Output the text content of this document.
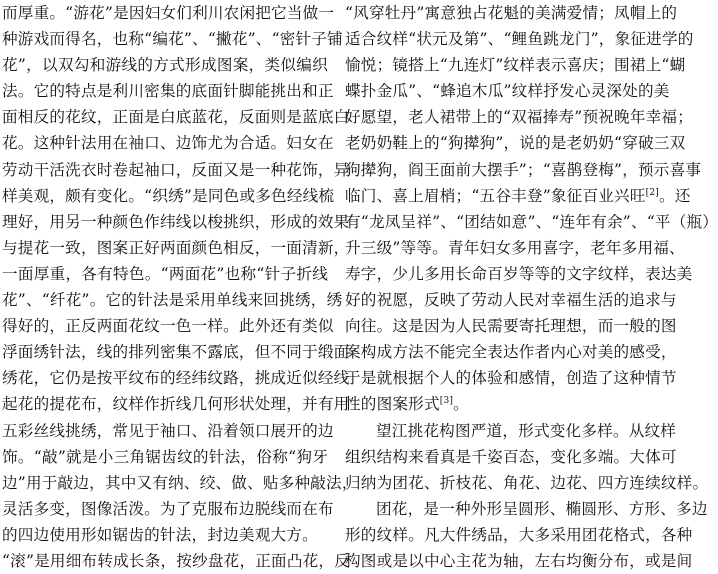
而厚重。“游花”是因妇女们利川农闲把它当做一
种游戏而得名，也称“编花”、“撇花”、“密针子铺
花”，以双勾和游线的方式形成图案，类似编织
法。它的特点是利川密集的底面针脚能挑出和正
面相反的花纹，正面是白底蓝花，反面则是蓝底白
花。这种针法用在袖口、边饰尤为合适。妇女在
劳动干活洗衣时卷起袖口，反面又是一种花饰，异
样美观，颇有变化。“织绣”是同色或多色经线梳
理好，用另一种颜色作纬线以梭挑织，形成的效果
与提花一致，图案正好两面颜色相反，一面清新，
一面厚重，各有特色。“两面花”也称“针子折线
花”、“纤花”。它的针法是采用单线来回挑绣，绣
得好的，正反两面花纹一色一样。此外还有类似
浮面绣针法，线的排列密集不露底，但不同于缎面
绣花，它仍是按平纹布的经纬纹路，挑成近似经线
起花的提花布，纹样作折线几何形状处理，并有用
五彩丝线挑绣，常见于袖口、沿着领口展开的边
饰。“敲”就是小三角锯齿纹的针法，俗称“狗牙
边”用于敲边，其中又有纳、绞、做、贴多种敲法，
灵活多变，图像活泼。为了克服布边脱线而在布
的四边使用形如锯齿的针法，封边美观大方。
“滚”是用细布转成长条，按纱盘花，正面凸花，反
“风穿牡丹”寓意独占花魁的美满爱情；凤帽上的
适合纹样“状元及第”、“鲤鱼跳龙门”，象征进学的
愉悦；镜搭上“九连灯”纹样表示喜庆；围裙上“蝴
蝶扑金瓜”、“蜂追木瓜”纹样抒发心灵深处的美
好愿望，老人裙带上的“双福捧寿”预祝晚年幸福；
老奶奶鞋上的“狗撵狗”，说的是老奶奶“穿破三双
狗撵狗，阎王面前大摆手”；“喜鹊登梅”，预示喜事
临门、喜上眉梢；“五谷丰登”象征百业兴旺[2]。还
有“龙凤呈祥”、“团结如意”、“连年有余”、“平（瓶）
升三级”等等。青年妇女多用喜字，老年多用福、
寿字，少儿多用长命百岁等等的文字纹样，表达美
好的祝愿，反映了劳动人民对幸福生活的追求与
向往。这是因为人民需要寄托理想，而一般的图
案构成方法不能完全表达作者内心对美的感受，
于是就根据个人的体验和感情，创造了这种情节
性的图案形式[3]。
望江挑花构图严道，形式变化多样。从纹样
组织结构来看真是千姿百态，变化多端。大体可
归纳为团花、折枝花、角花、边花、四方连续纹样。
团花，是一种外形呈圆形、椭圆形、方形、多边
形的纹样。凡大件绣品，大多采用团花格式，各种
构图或是以中心主花为轴，左右均衡分布，或是间
